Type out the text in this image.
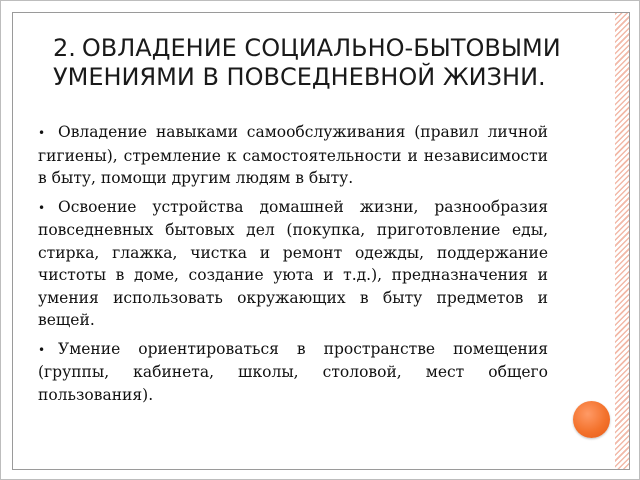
2. ОВЛАДЕНИЕ СОЦИАЛЬНО-БЫТОВЫМИ УМЕНИЯМИ В ПОВСЕДНЕВНОЙ ЖИЗНИ.
• Овладение навыками самообслуживания (правил личной гигиены), стремление к самостоятельности и независимости в быту, помощи другим людям в быту.
• Освоение устройства домашней жизни, разнообразия повседневных бытовых дел (покупка, приготовление еды, стирка, глажка, чистка и ремонт одежды, поддержание чистоты в доме, создание уюта и т.д.), предназначения и умения использовать окружающих в быту предметов и вещей.
• Умение ориентироваться в пространстве помещения (группы, кабинета, школы, столовой, мест общего пользования).
